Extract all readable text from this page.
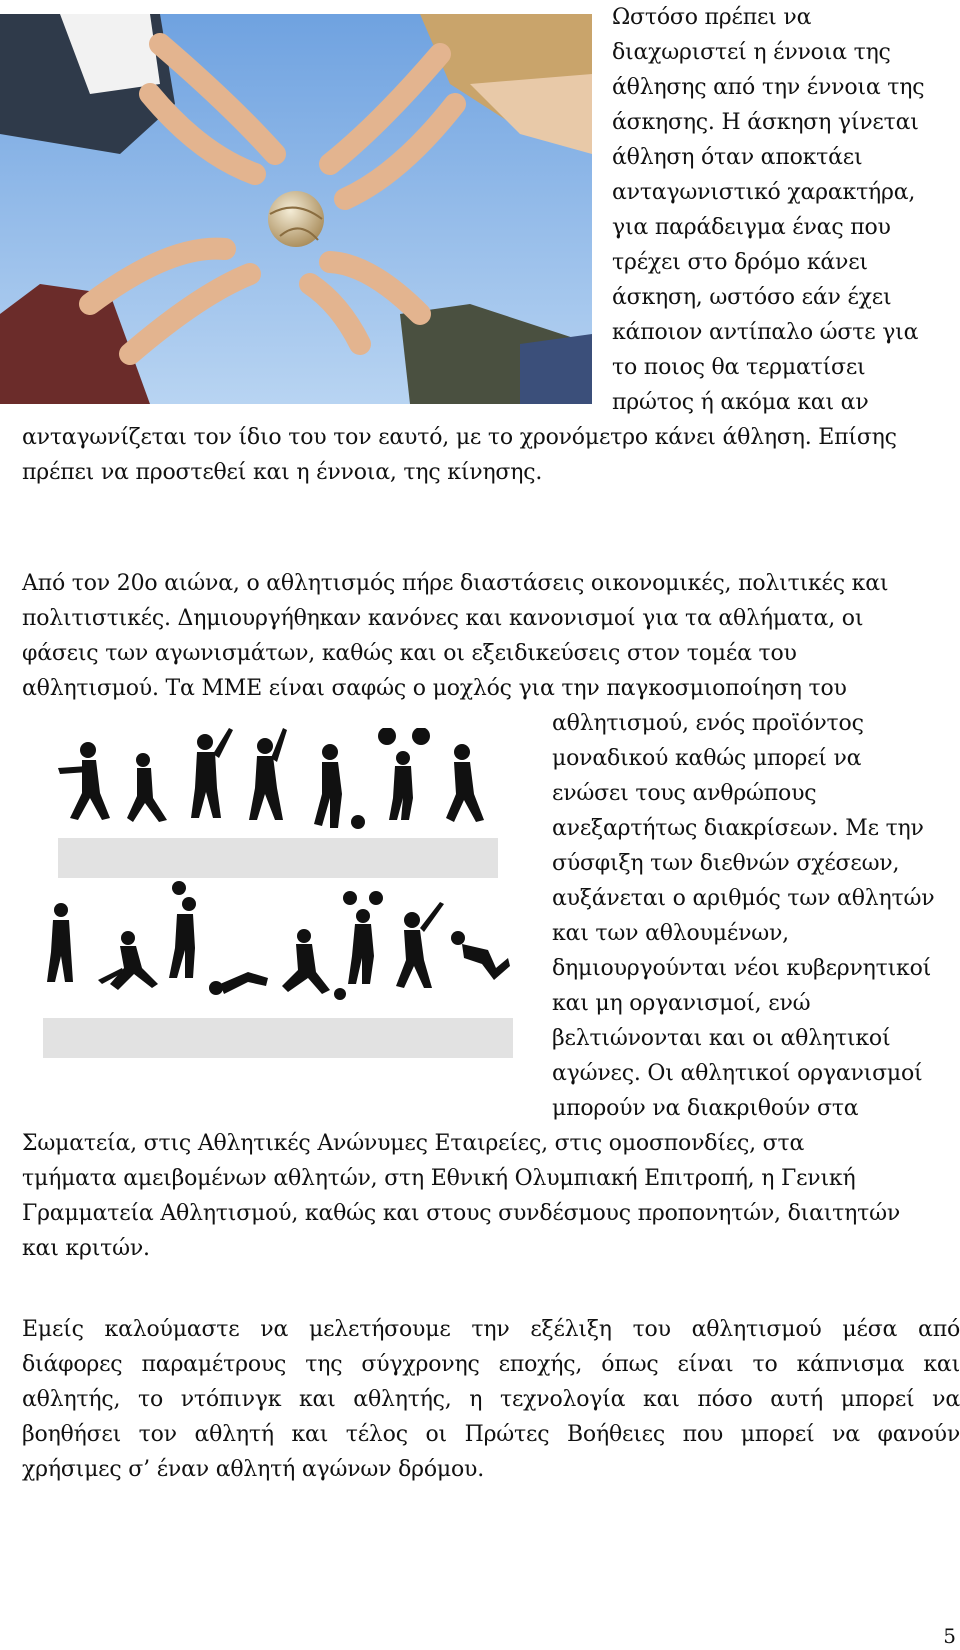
Ωστόσο πρέπει να
διαχωριστεί η έννοια της
άθλησης από την έννοια της
άσκησης. Η άσκηση γίνεται
άθληση όταν αποκτάει
ανταγωνιστικό χαρακτήρα,
για παράδειγμα ένας που
τρέχει στο δρόμο κάνει
άσκηση, ωστόσο εάν έχει
κάποιον αντίπαλο ώστε για
το ποιος θα τερματίσει
πρώτος ή ακόμα και αν
ανταγωνίζεται τον ίδιο του τον εαυτό, με το χρονόμετρο κάνει άθληση. Επίσης
πρέπει να προστεθεί και η έννοια, της κίνησης.
Από τον 20ο αιώνα, ο αθλητισμός πήρε διαστάσεις οικονομικές, πολιτικές και
πολιτιστικές. Δημιουργήθηκαν κανόνες και κανονισμοί για τα αθλήματα, οι
φάσεις των αγωνισμάτων, καθώς και οι εξειδικεύσεις στον τομέα του
αθλητισμού. Τα ΜΜΕ είναι σαφώς ο μοχλός για την παγκοσμιοποίηση του
αθλητισμού, ενός προϊόντος
μοναδικού καθώς μπορεί να
ενώσει τους ανθρώπους
ανεξαρτήτως διακρίσεων. Με την
σύσφιξη των διεθνών σχέσεων,
αυξάνεται ο αριθμός των αθλητών
και των αθλουμένων,
δημιουργούνται νέοι κυβερνητικοί
και μη οργανισμοί, ενώ
βελτιώνονται και οι αθλητικοί
αγώνες. Οι αθλητικοί οργανισμοί
μπορούν να διακριθούν στα
Σωματεία, στις Αθλητικές Ανώνυμες Εταιρείες, στις ομοσπονδίες, στα
τμήματα αμειβομένων αθλητών, στη Εθνική Ολυμπιακή Επιτροπή, η Γενική
Γραμματεία Αθλητισμού, καθώς και στους συνδέσμους προπονητών, διαιτητών
και κριτών.
Εμείς καλούμαστε να μελετήσουμε την εξέλιξη του αθλητισμού μέσα από
διάφορες παραμέτρους της σύγχρονης εποχής, όπως είναι το κάπνισμα και
αθλητής, το ντόπινγκ και αθλητής, η τεχνολογία και πόσο αυτή μπορεί να
βοηθήσει τον αθλητή και τέλος οι Πρώτες Βοήθειες που μπορεί να φανούν
χρήσιμες σ’ έναν αθλητή αγώνων δρόμου.
5
